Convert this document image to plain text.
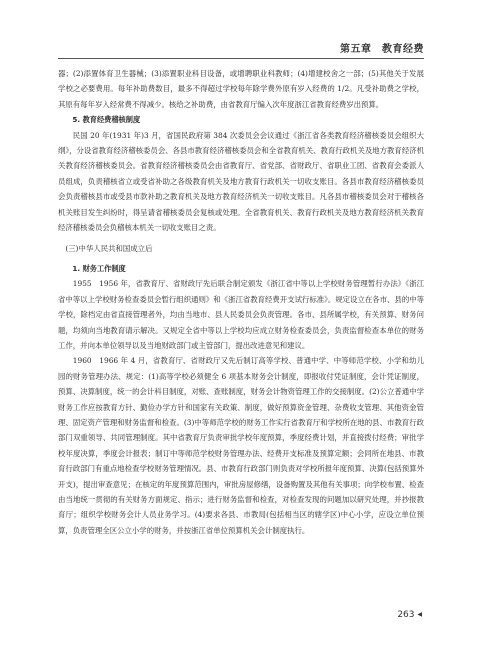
第五章　教育经费

器；(2)添置体育卫生器械；(3)添置职业科目设备，或增聘职业科教师；(4)增建校舍之一部；(5)其他关于发展学校之必要费用。每年补助费数目，最多不得超过学校每年除学费外原有岁入经费的 1/2。凡受补助费之学校，其原有每年岁入经常费不得减少。核给之补助费，由省教育厅编入次年度浙江省教育经费岁出预算。

5. 教育经费稽核制度

民国 20 年(1931 年)3 月，省国民政府第 384 次委员会会议通过《浙江省各类教育经济稽核委员会组织大纲》，分设省教育经济稽核委员会、各县市教育经济稽核委员会和全省教育机关、教育行政机关及地方教育经济机关教育经济稽核委员会。省教育经济稽核委员会由省教育厅、省党部、省财政厅、省职业工团、省教育会委派人员组成，负责稽核省立或受省补助之各级教育机关及地方教育行政机关一切收支账目。各县市教育经济稽核委员会负责稽核县市或受县市款补助之教育机关及地方教育经济机关一切收支账目。凡各县市稽核委员会对于稽核各机关账目发生纠纷时，得呈请省稽核委员会复核或处理。全省教育机关、教育行政机关及地方教育经济机关教育经济稽核委员会负稽核本机关一切收支账目之责。

(三)中华人民共和国成立后

1. 财务工作制度

1955　1956 年，省教育厅、省财政厅先后联合制定颁发《浙江省中等以上学校财务管理暂行办法》《浙江省中等以上学校财务检查委员会暂行组织通则》和《浙江省教育经费开支试行标准》。规定设立在各市、县的中等学校，除档定由省直接管理者外，均由当地市、县人民委员会负责管理。各市、县所属学校，有关预算、财务问题，均须向当地教育请示解决。又规定全省中等以上学校均应成立财务检查委员会，负责监督检查本单位的财务工作，并向本单位领导以及当地财政部门或主管部门，提出改进意见和建议。

1960　1966 年 4 月，省教育厅、省财政厅又先后制订高等学校、普通中学、中等师范学校、小学和幼儿园的财务管理办法、规定：(1)高等学校必须健全 6 项基本财务会计制度，即报收付凭证制度，会计凭证制度，预算、决算制度，统一的会计科目制度，对账、查账制度，财务会计物资管理工作的交接制度。(2)公立普通中学财务工作应按教育方针、勤俭办学方针和国家有关政策、制度，做好预算资金管理、杂费收支管理、其他资金管理、固定资产管理和财务监督和检查。(3)中等师范学校的财务工作实行省教育厅和学校所在地的县、市教育行政部门双重领导、共同管理制度。其中省教育厅负责审批学校年度预算，季度经费计划，并直接拨付经费；审批学校年度决算，季度会计报表；制订中等师范学校财务管理办法、经费开支标准及预算定额；会同所在地县、市教育行政部门有重点地检查学校财务管理情况。县、市教育行政部门则负责对学校所报年度预算、决算(包括预算外开支)，提出审查意见；在核定的年度预算范围内，审批房屋修缮，设备购置及其他有关事项；向学校布置、检查由当地统一贯彻的有关财务方面规定、指示；进行财务监督和检查，对检查发现的问题加以研究处理，并抄报教育厅；组织学校财务会计人员业务学习。(4)要求各县、市教局(包括相当区的辖学区)中心小学，应设立单位预算，负责管理全区公立小学的财务，并按浙江省单位预算机关会计制度执行。

263 ◀
